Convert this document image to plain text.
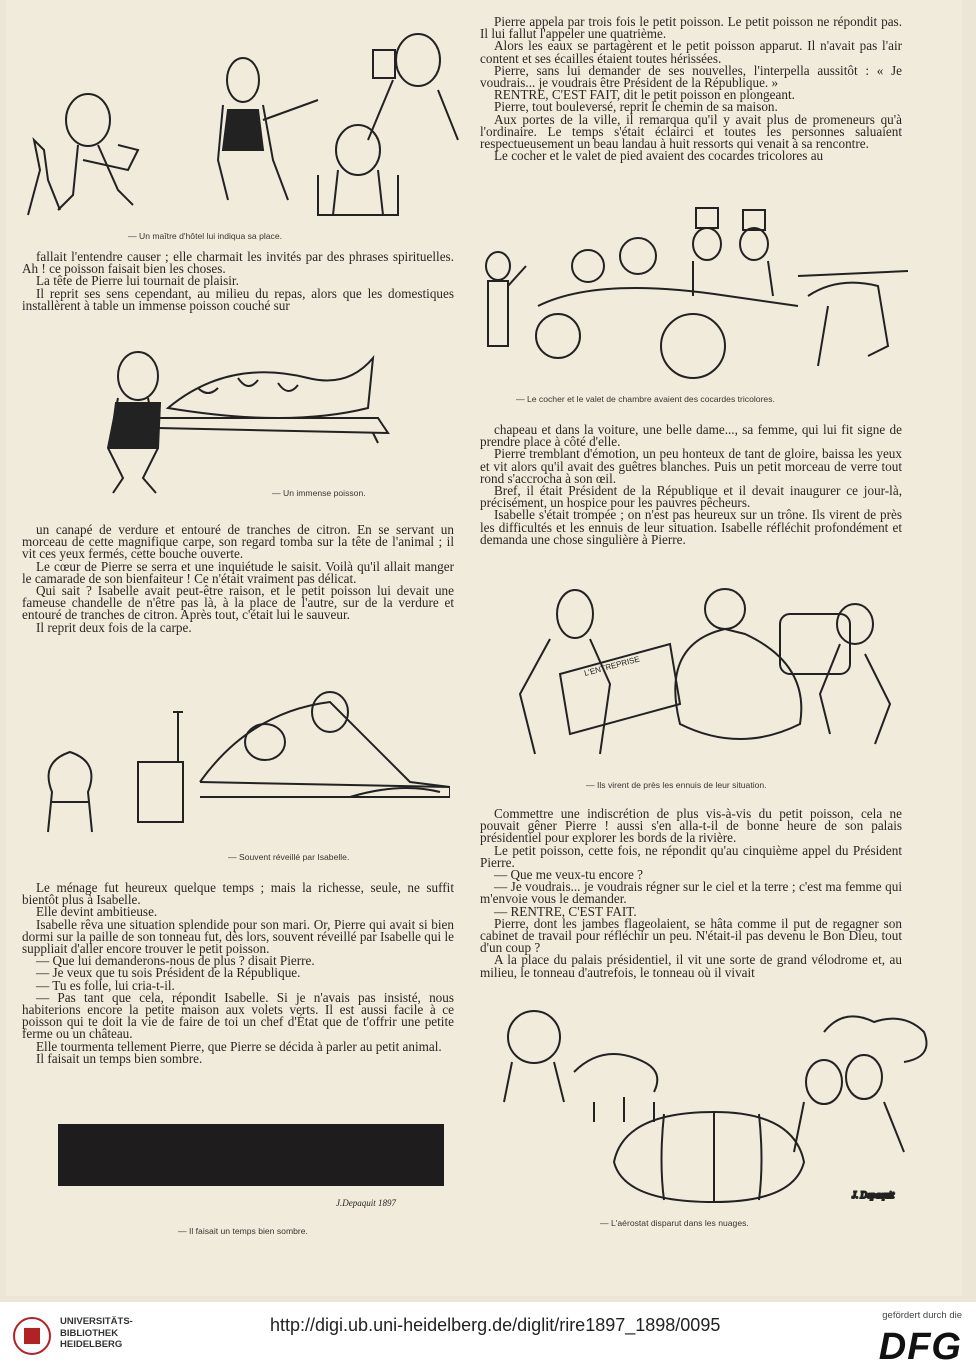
— Un maître d'hôtel lui indiqua sa place.

fallait l'entendre causer ; elle charmait les invités par des phrases spirituelles. Ah ! ce poisson faisait bien les choses.

La tête de Pierre lui tournait de plaisir.

Il reprit ses sens cependant, au milieu du repas, alors que les domestiques installèrent à table un immense poisson couché sur

— Un immense poisson.

un canapé de verdure et entouré de tranches de citron. En se servant un morceau de cette magnifique carpe, son regard tomba sur la tête de l'animal ; il vit ces yeux fermés, cette bouche ouverte.

Le cœur de Pierre se serra et une inquiétude le saisit. Voilà qu'il allait manger le camarade de son bienfaiteur ! Ce n'était vraiment pas délicat.

Qui sait ? Isabelle avait peut-être raison, et le petit poisson lui devait une fameuse chandelle de n'être pas là, à la place de l'autre, sur de la verdure et entouré de tranches de citron. Après tout, c'était lui le sauveur.

Il reprit deux fois de la carpe.

— Souvent réveillé par Isabelle.

Le ménage fut heureux quelque temps ; mais la richesse, seule, ne suffit bientôt plus à Isabelle.

Elle devint ambitieuse.

Isabelle rêva une situation splendide pour son mari. Or, Pierre qui avait si bien dormi sur la paille de son tonneau fut, dès lors, souvent réveillé par Isabelle qui le suppliait d'aller encore trouver le petit poisson.

— Que lui demanderons-nous de plus ? disait Pierre.

— Je veux que tu sois Président de la République.

— Tu es folle, lui cria-t-il.

— Pas tant que cela, répondit Isabelle. Si je n'avais pas insisté, nous habiterions encore la petite maison aux volets verts. Il est aussi facile à ce poisson qui te doit la vie de faire de toi un chef d'État que de t'offrir une petite ferme ou un château.

Elle tourmenta tellement Pierre, que Pierre se décida à parler au petit animal.

Il faisait un temps bien sombre.

J.Depaquit 1897
— Il faisait un temps bien sombre.

Pierre appela par trois fois le petit poisson. Le petit poisson ne répondit pas. Il lui fallut l'appeler une quatrième.

Alors les eaux se partagèrent et le petit poisson apparut. Il n'avait pas l'air content et ses écailles étaient toutes hérissées.

Pierre, sans lui demander de ses nouvelles, l'interpella aussitôt : « Je voudrais... je voudrais être Président de la République. »

RENTRE, C'EST FAIT, dit le petit poisson en plongeant.

Pierre, tout bouleversé, reprit le chemin de sa maison.

Aux portes de la ville, il remarqua qu'il y avait plus de promeneurs qu'à l'ordinaire. Le temps s'était éclairci et toutes les personnes saluaient respectueusement un beau landau à huit ressorts qui venait à sa rencontre.

Le cocher et le valet de pied avaient des cocardes tricolores au

— Le cocher et le valet de chambre avaient des cocardes tricolores.

chapeau et dans la voiture, une belle dame..., sa femme, qui lui fit signe de prendre place à côté d'elle.

Pierre tremblant d'émotion, un peu honteux de tant de gloire, baissa les yeux et vit alors qu'il avait des guêtres blanches. Puis un petit morceau de verre tout rond s'accrocha à son œil.

Bref, il était Président de la République et il devait inaugurer ce jour-là, précisément, un hospice pour les pauvres pêcheurs.

Isabelle s'était trompée ; on n'est pas heureux sur un trône. Ils virent de près les difficultés et les ennuis de leur situation. Isabelle réfléchit profondément et demanda une chose singulière à Pierre.

L'ENTREPRISE
— Ils virent de près les ennuis de leur situation.

Commettre une indiscrétion de plus vis-à-vis du petit poisson, cela ne pouvait gêner Pierre ! aussi s'en alla-t-il de bonne heure de son palais présidentiel pour explorer les bords de la rivière.

Le petit poisson, cette fois, ne répondit qu'au cinquième appel du Président Pierre.

— Que me veux-tu encore ?

— Je voudrais... je voudrais régner sur le ciel et la terre ; c'est ma femme qui m'envoie vous le demander.

— RENTRE, C'EST FAIT.

Pierre, dont les jambes flageolaient, se hâta comme il put de regagner son cabinet de travail pour réfléchir un peu. N'était-il pas devenu le Bon Dieu, tout d'un coup ?

A la place du palais présidentiel, il vit une sorte de grand vélodrome et, au milieu, le tonneau d'autrefois, le tonneau où il vivait

J. Depaquit
— L'aérostat disparut dans les nuages.
UNIVERSITÄTS-
BIBLIOTHEK
HEIDELBERG
http://digi.ub.uni-heidelberg.de/diglit/rire1897_1898/0095	gefördert durch die
DFG
